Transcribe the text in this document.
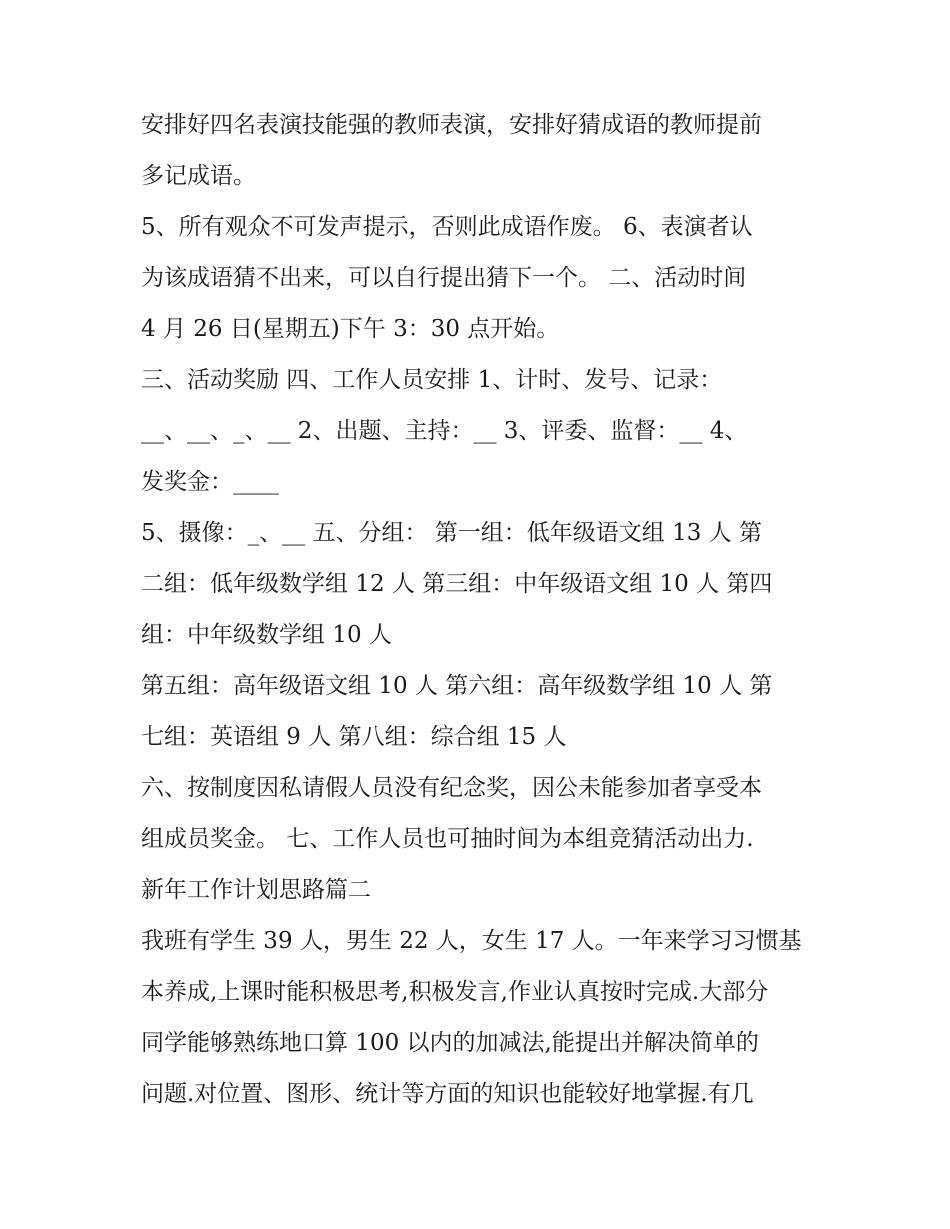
安排好四名表演技能强的教师表演，安排好猜成语的教师提前
多记成语。
5、所有观众不可发声提示，否则此成语作废。 6、表演者认
为该成语猜不出来，可以自行提出猜下一个。 二、活动时间
4 月 26 日(星期五)下午 3：30 点开始。
三、活动奖励 四、工作人员安排 1、计时、发号、记录：
__、__、_、__ 2、出题、主持：__ 3、评委、监督：__ 4、
发奖金：____
5、摄像：_、__ 五、分组： 第一组：低年级语文组 13 人 第
二组：低年级数学组 12 人 第三组：中年级语文组 10 人 第四
组：中年级数学组 10 人
第五组：高年级语文组 10 人 第六组：高年级数学组 10 人 第
七组：英语组 9 人 第八组：综合组 15 人
六、按制度因私请假人员没有纪念奖，因公未能参加者享受本
组成员奖金。 七、工作人员也可抽时间为本组竞猜活动出力.
新年工作计划思路篇二
我班有学生 39 人，男生 22 人，女生 17 人。一年来学习习惯基
本养成,上课时能积极思考,积极发言,作业认真按时完成.大部分
同学能够熟练地口算 100 以内的加减法,能提出并解决简单的
问题.对位置、图形、统计等方面的知识也能较好地掌握.有几
